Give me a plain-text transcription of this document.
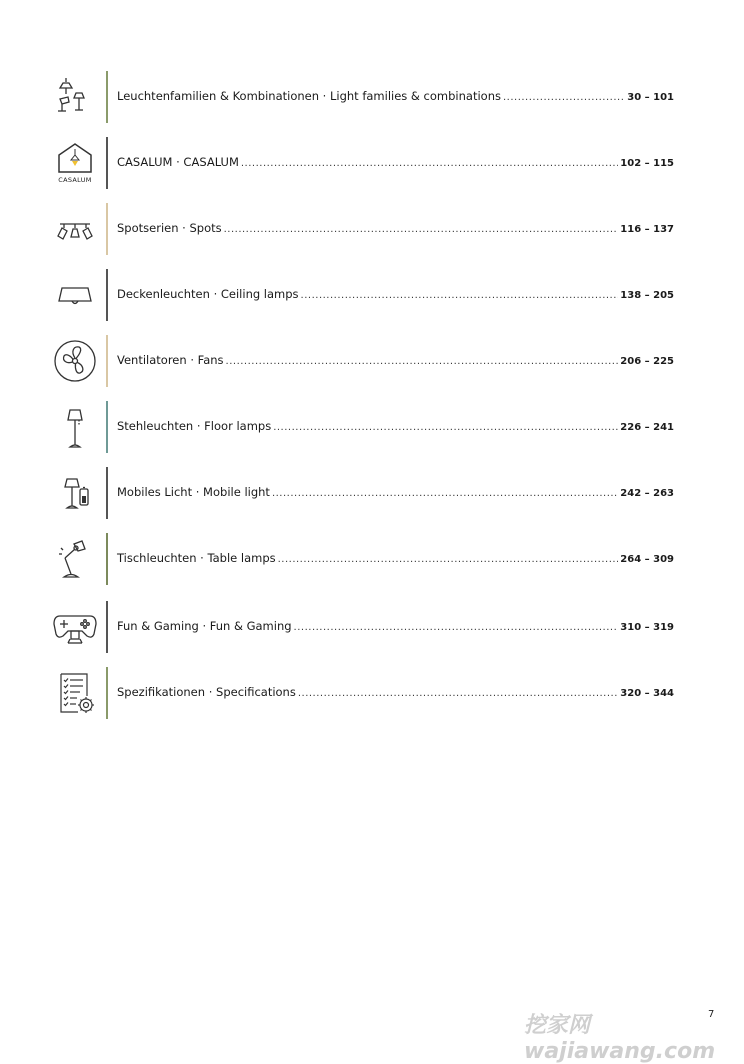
Leuchtenfamilien & Kombinationen · Light families & combinations .....	30 – 101
CASALUM
CASALUM · CASALUM .....	102 – 115
Spotserien · Spots .....	116 – 137
Deckenleuchten · Ceiling lamps .....	138 – 205
Ventilatoren · Fans .....	206 – 225
Stehleuchten · Floor lamps .....	226 – 241
Mobiles Licht · Mobile light .....	242 – 263
Tischleuchten · Table lamps .....	264 – 309
Fun & Gaming · Fun & Gaming .....	310 – 319
Spezifikationen · Specifications .....	320 – 344
挖家网 wajiawang.com
7
